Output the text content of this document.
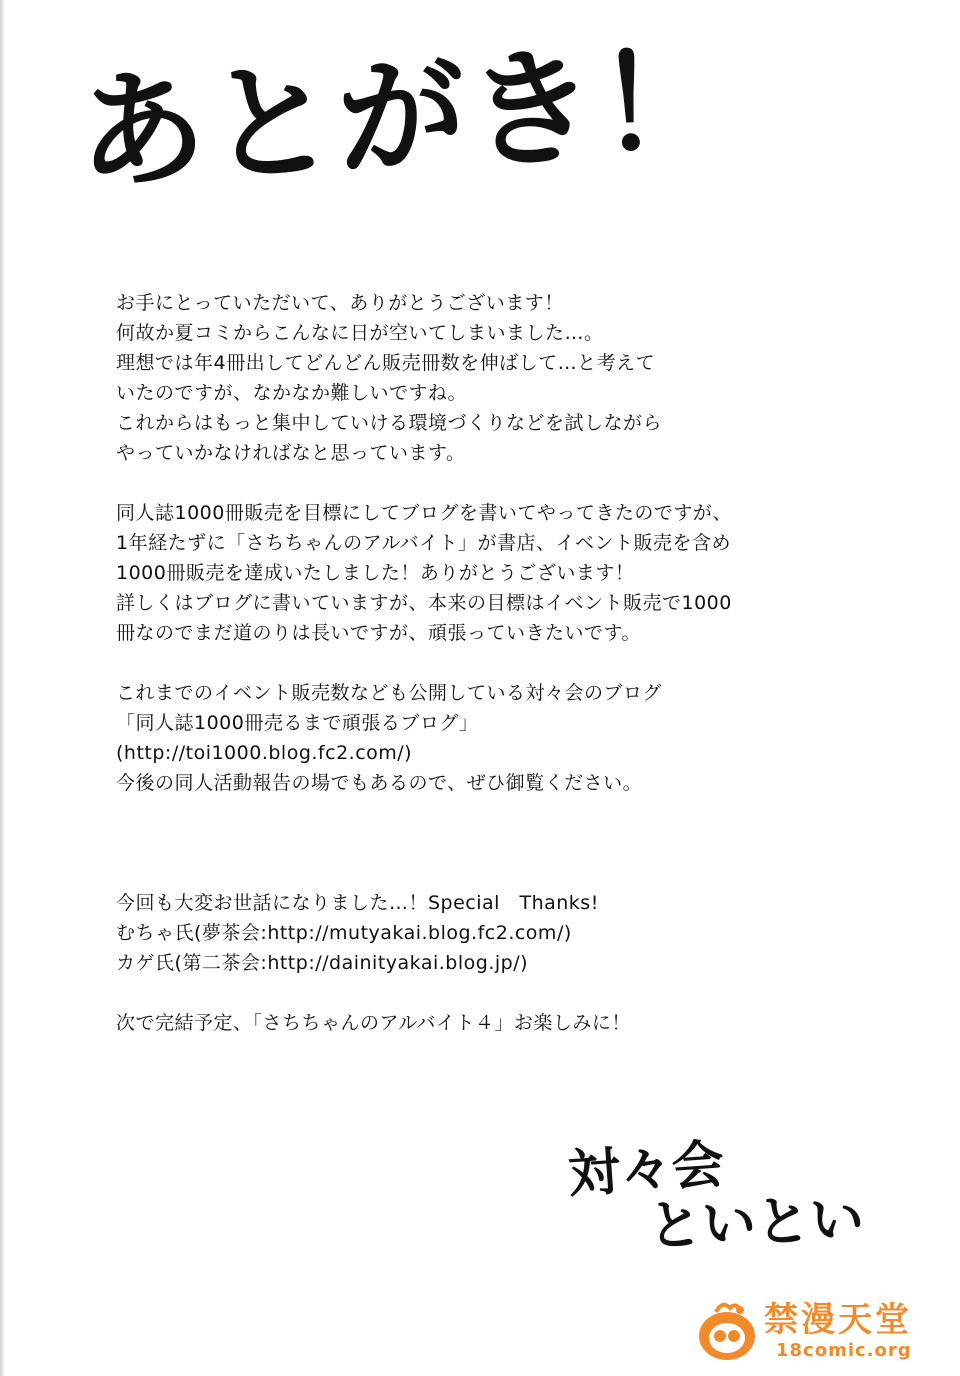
あとがき！
お手にとっていただいて、ありがとうございます！
何故か夏コミからこんなに日が空いてしまいました…。
理想では年4冊出してどんどん販売冊数を伸ばして…と考えて
いたのですが、なかなか難しいですね。
これからはもっと集中していける環境づくりなどを試しながら
やっていかなければなと思っています。
同人誌1000冊販売を目標にしてブログを書いてやってきたのですが、
1年経たずに「さちちゃんのアルバイト」が書店、イベント販売を含め
1000冊販売を達成いたしました！ありがとうございます！
詳しくはブログに書いていますが、本来の目標はイベント販売で1000
冊なのでまだ道のりは長いですが、頑張っていきたいです。
これまでのイベント販売数なども公開している対々会のブログ
「同人誌1000冊売るまで頑張るブログ」
(http://toi1000.blog.fc2.com/)
今後の同人活動報告の場でもあるので、ぜひ御覧ください。
今回も大変お世話になりました…！Special　Thanks!
むちゃ氏(夢茶会:http://mutyakai.blog.fc2.com/)
カゲ氏(第二茶会:http://dainityakai.blog.jp/)
次で完結予定、「さちちゃんのアルバイト４」お楽しみに！
対々会
といとい
禁漫天堂
18comic.org
